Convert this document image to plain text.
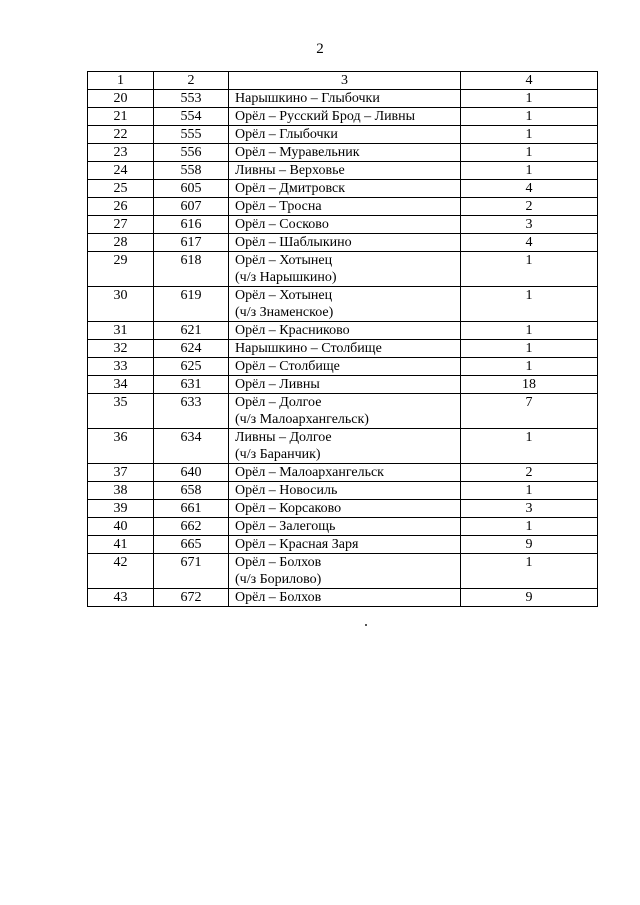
2
1	2	3	4
20	553	Нарышкино – Глыбочки	1
21	554	Орёл – Русский Брод – Ливны	1
22	555	Орёл – Глыбочки	1
23	556	Орёл – Муравельник	1
24	558	Ливны – Верховье	1
25	605	Орёл – Дмитровск	4
26	607	Орёл – Тросна	2
27	616	Орёл – Сосково	3
28	617	Орёл – Шаблыкино	4
29	618	Орёл – Хотынец
(ч/з Нарышкино)	1
30	619	Орёл – Хотынец
(ч/з Знаменское)	1
31	621	Орёл – Красниково	1
32	624	Нарышкино – Столбище	1
33	625	Орёл – Столбище	1
34	631	Орёл – Ливны	18
35	633	Орёл – Долгое
(ч/з Малоархангельск)	7
36	634	Ливны – Долгое
(ч/з Баранчик)	1
37	640	Орёл – Малоархангельск	2
38	658	Орёл – Новосиль	1
39	661	Орёл – Корсаково	3
40	662	Орёл – Залегощь	1
41	665	Орёл – Красная Заря	9
42	671	Орёл – Болхов
(ч/з Борилово)	1
43	672	Орёл – Болхов	9
